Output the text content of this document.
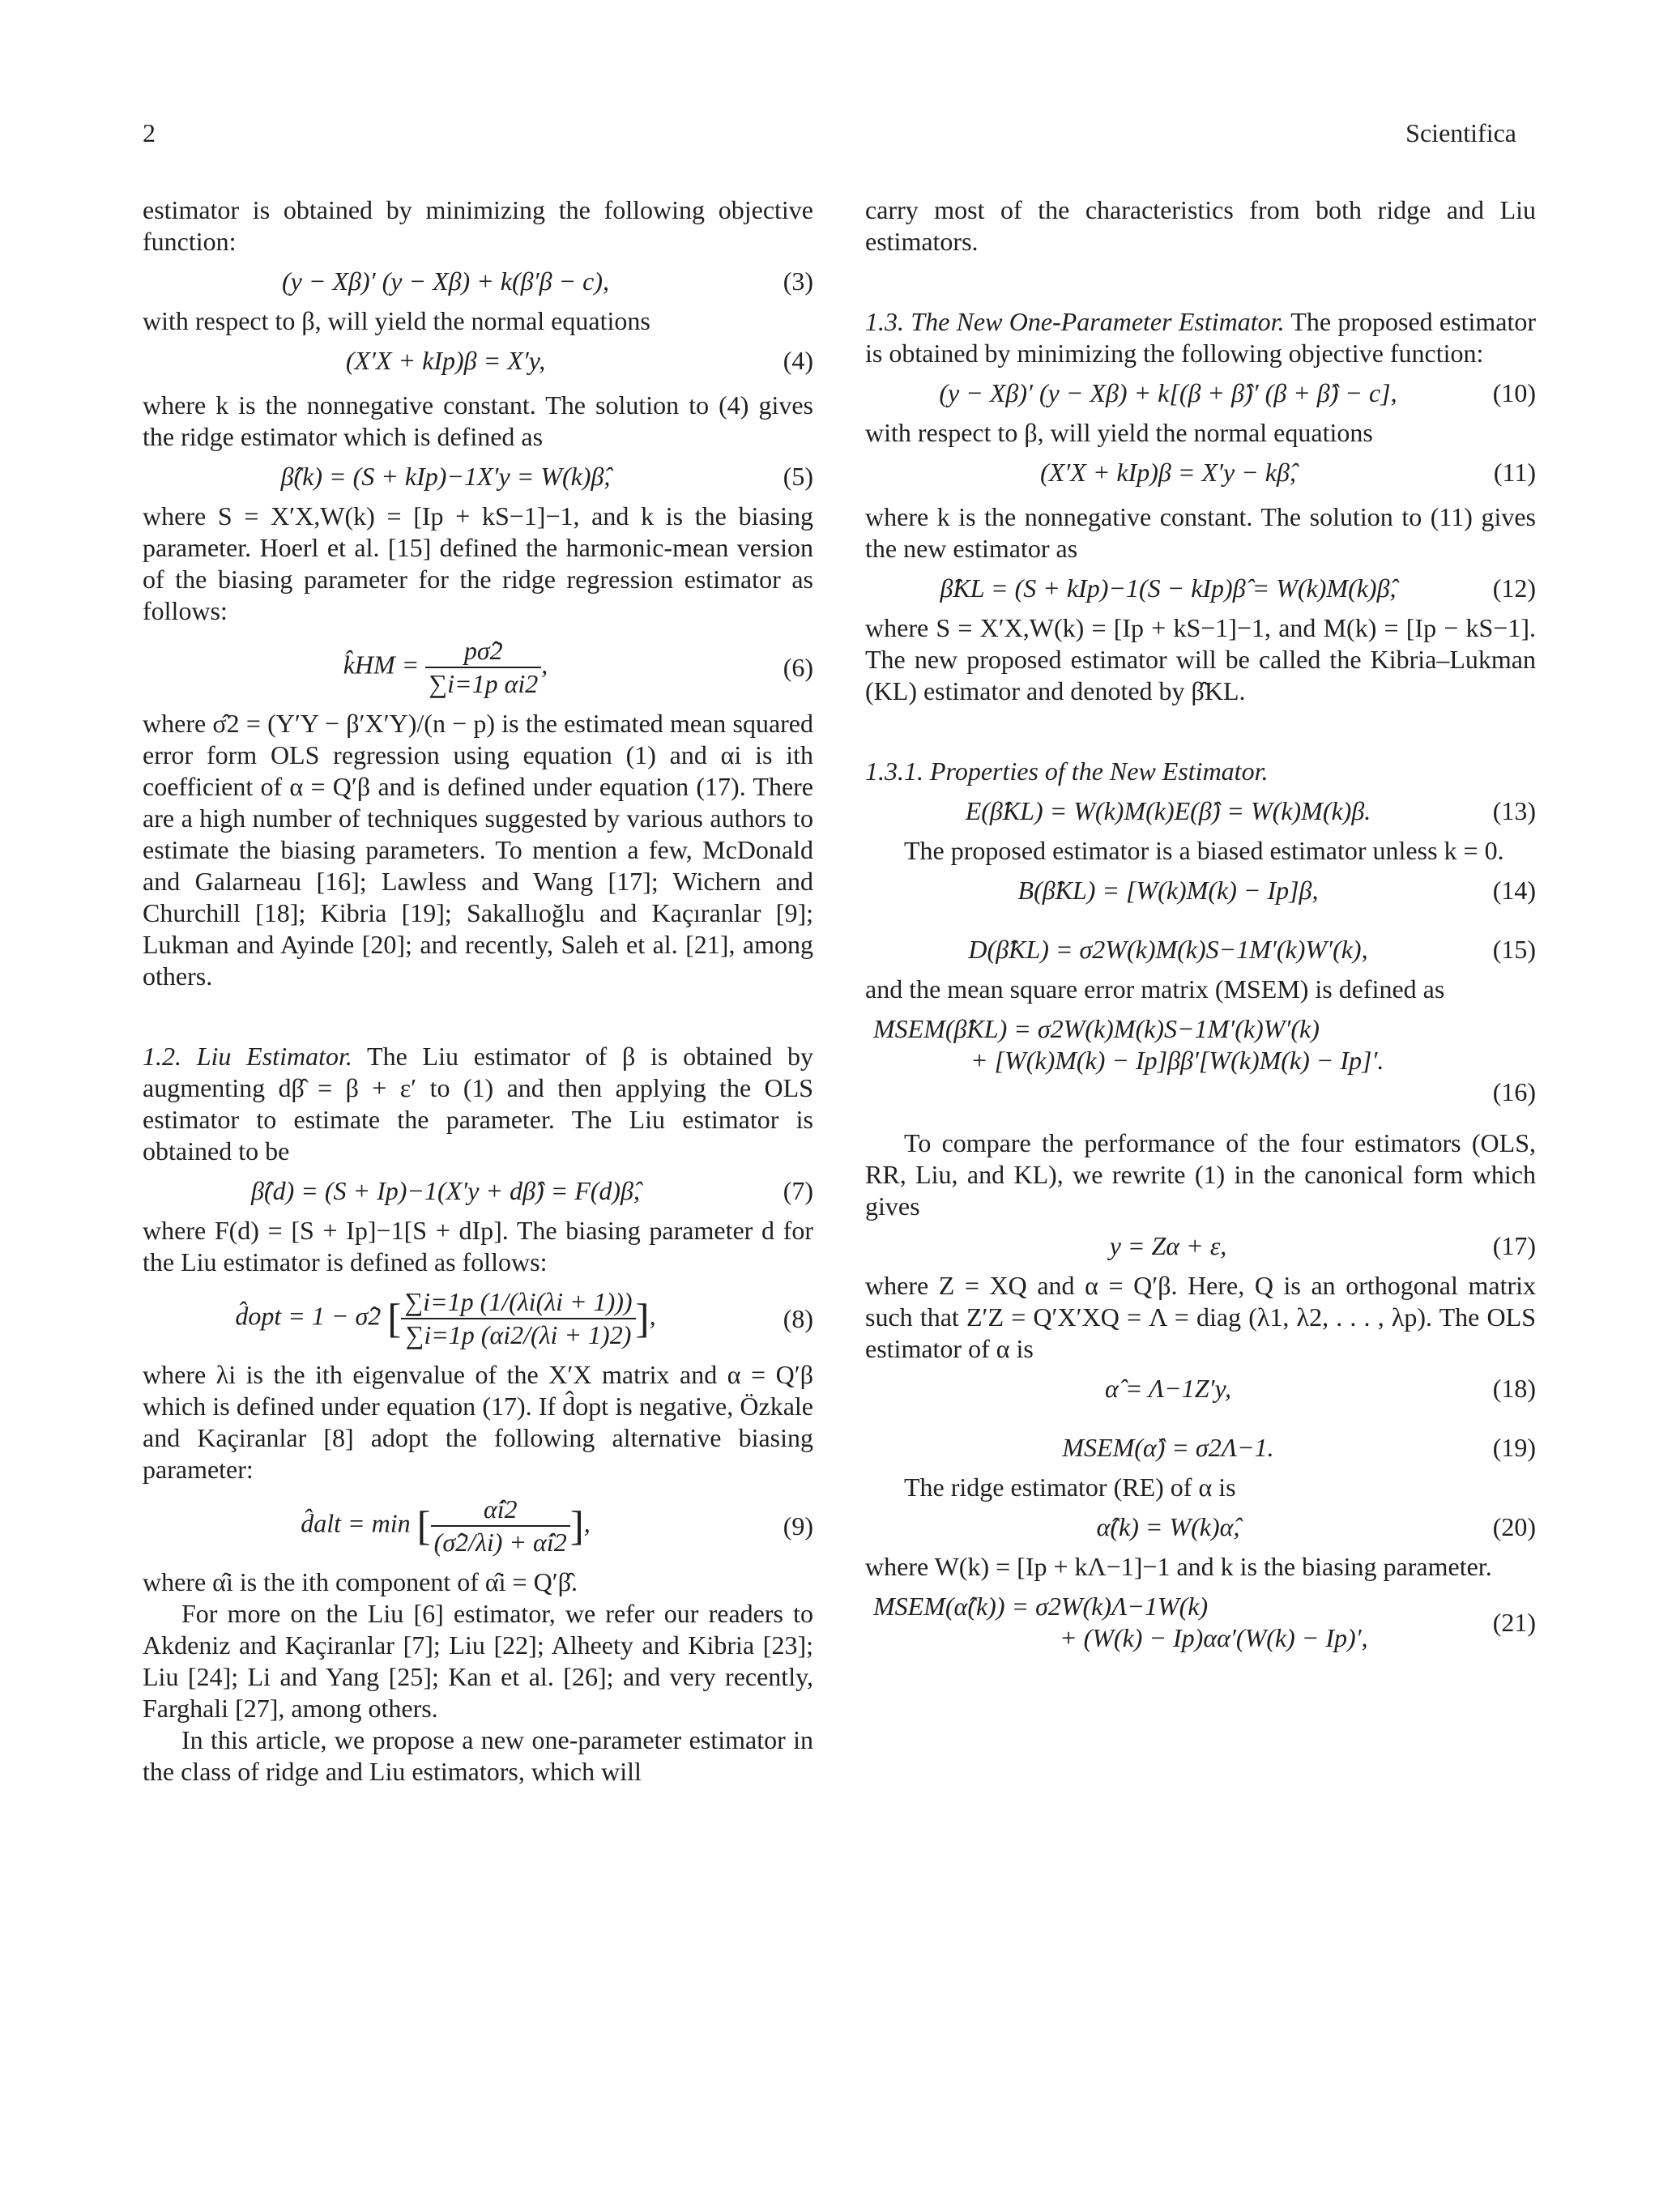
2	Scientifica

estimator is obtained by minimizing the following objective function:

(y − Xβ)′ (y − Xβ) + k(β′β − c),	(3)

with respect to β, will yield the normal equations

(X′X + kIp)β = X′y,	(4)

where k is the nonnegative constant. The solution to (4) gives the ridge estimator which is defined as

β̂(k) = (S + kIp)−1X′y = W(k)β̂,	(5)

where S = X′X,W(k) = [Ip + kS−1]−1, and k is the biasing parameter. Hoerl et al. [15] defined the harmonic-mean version of the biasing parameter for the ridge regression estimator as follows:

k̂HM = $\frac{p\sigmâ2}{\text{∑i=1p αi2}}$ ,	(6)

where σ̂2 = (Y′Y − β′X′Y)/(n − p) is the estimated mean squared error form OLS regression using equation (1) and αi is ith coefficient of α = Q′β and is defined under equation (17). There are a high number of techniques suggested by various authors to estimate the biasing parameters. To mention a few, McDonald and Galarneau [16]; Lawless and Wang [17]; Wichern and Churchill [18]; Kibria [19]; Sakallıoğlu and Kaçıranlar [9]; Lukman and Ayinde [20]; and recently, Saleh et al. [21], among others.

1.2. Liu Estimator. The Liu estimator of β is obtained by augmenting dβ̂ = β + ε′ to (1) and then applying the OLS estimator to estimate the parameter. The Liu estimator is obtained to be

β̂(d) = (S + Ip)−1(X′y + dβ̂) = F(d)β̂,	(7)

where F(d) = [S + Ip]−1[S + dIp]. The biasing parameter d for the Liu estimator is defined as follows:

d̂opt = 1 − σ̂2 [ $\frac{\sum i=1p (1/(\lambda i(\lambda i + 1)))}{\sum i=1p (\alpha i2/(\lambda i + 1)2)}$ ],	(8)

where λi is the ith eigenvalue of the X′X matrix and α = Q′β which is defined under equation (17). If d̂opt is negative, Özkale and Kaçiranlar [8] adopt the following alternative biasing parameter:

d̂alt = min [ $\frac{\alphâi2}{(\sigmâ2/\lambda i) + \alphâi2}$ ],	(9)

where α̂i is the ith component of α̂i = Q′β̂.

For more on the Liu [6] estimator, we refer our readers to Akdeniz and Kaçiranlar [7]; Liu [22]; Alheety and Kibria [23]; Liu [24]; Li and Yang [25]; Kan et al. [26]; and very recently, Farghali [27], among others.

In this article, we propose a new one-parameter estimator in the class of ridge and Liu estimators, which will

carry most of the characteristics from both ridge and Liu estimators.

1.3. The New One-Parameter Estimator. The proposed estimator is obtained by minimizing the following objective function:

(y − Xβ)′ (y − Xβ) + k[(β + β̂)′ (β + β̂) − c],	(10)

with respect to β, will yield the normal equations

(X′X + kIp)β = X′y − kβ̂,	(11)

where k is the nonnegative constant. The solution to (11) gives the new estimator as

β̂KL = (S + kIp)−1(S − kIp)β̂ = W(k)M(k)β̂,	(12)

where S = X′X,W(k) = [Ip + kS−1]−1, and M(k) = [Ip − kS−1]. The new proposed estimator will be called the Kibria–Lukman (KL) estimator and denoted by β̂KL.

1.3.1. Properties of the New Estimator.

E(β̂KL) = W(k)M(k)E(β̂) = W(k)M(k)β.	(13)

The proposed estimator is a biased estimator unless k = 0.

B(β̂KL) = [W(k)M(k) − Ip]β,	(14)
D(β̂KL) = σ2W(k)M(k)S−1M′(k)W′(k),	(15)

and the mean square error matrix (MSEM) is defined as

MSEM(β̂KL) = σ2W(k)M(k)S−1M′(k)W′(k)
+ [W(k)M(k) − Ip]ββ′[W(k)M(k) − Ip]′.
(16)

To compare the performance of the four estimators (OLS, RR, Liu, and KL), we rewrite (1) in the canonical form which gives

y = Zα + ε,	(17)

where Z = XQ and α = Q′β. Here, Q is an orthogonal matrix such that Z′Z = Q′X′XQ = Λ = diag (λ1, λ2, . . . , λp). The OLS estimator of α is

α̂ = Λ−1Z′y,	(18)
MSEM(α̂) = σ2Λ−1.	(19)

The ridge estimator (RE) of α is

α̂(k) = W(k)α̂,	(20)

where W(k) = [Ip + kΛ−1]−1 and k is the biasing parameter.

MSEM(α̂(k)) = σ2W(k)Λ−1W(k)
+ (W(k) − Ip)αα′(W(k) − Ip)′,
(21)
